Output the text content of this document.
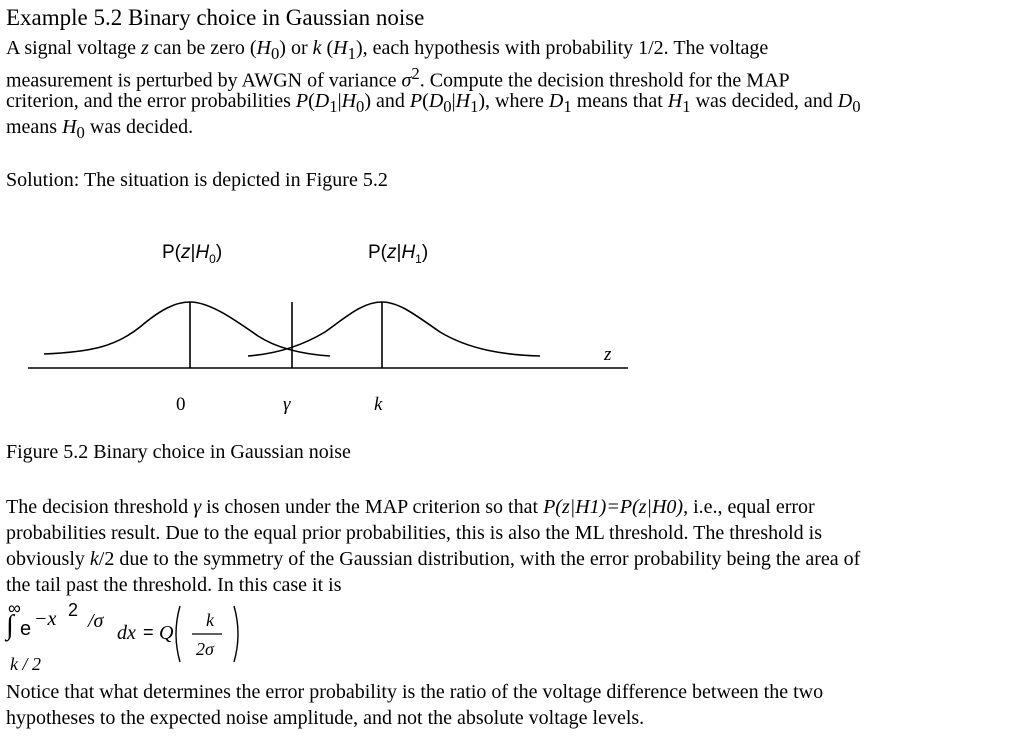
Example 5.2 Binary choice in Gaussian noise
A signal voltage z can be zero $(H_0)$ or k $(H_1)$, each hypothesis with probability 1/2. The voltage
measurement is perturbed by AWGN of variance $\sigma^2$. Compute the decision threshold for the MAP
criterion, and the error probabilities $P(D_1|H_0)$ and $P(D_0|H_1)$, where $D_1$ means that $H_1$ was decided, and $D_0$
means $H_0$ was decided.
Solution: The situation is depicted in Figure 5.2
$P(z|H_0)$	$P(z|H_1)$
z
0	γ	k
Figure 5.2 Binary choice in Gaussian noise
The decision threshold γ is chosen under the MAP criterion so that P(z|H1)=P(z|H0), i.e., equal error
probabilities result. Due to the equal prior probabilities, this is also the ML threshold. The threshold is
obviously k/2 due to the symmetry of the Gaussian distribution, with the error probability being the area of
the tail past the threshold. In this case it is
∞
∫ e −x 2 /σ
dx = Q
k
2σ
k / 2
Notice that what determines the error probability is the ratio of the voltage difference between the two
hypotheses to the expected noise amplitude, and not the absolute voltage levels.
